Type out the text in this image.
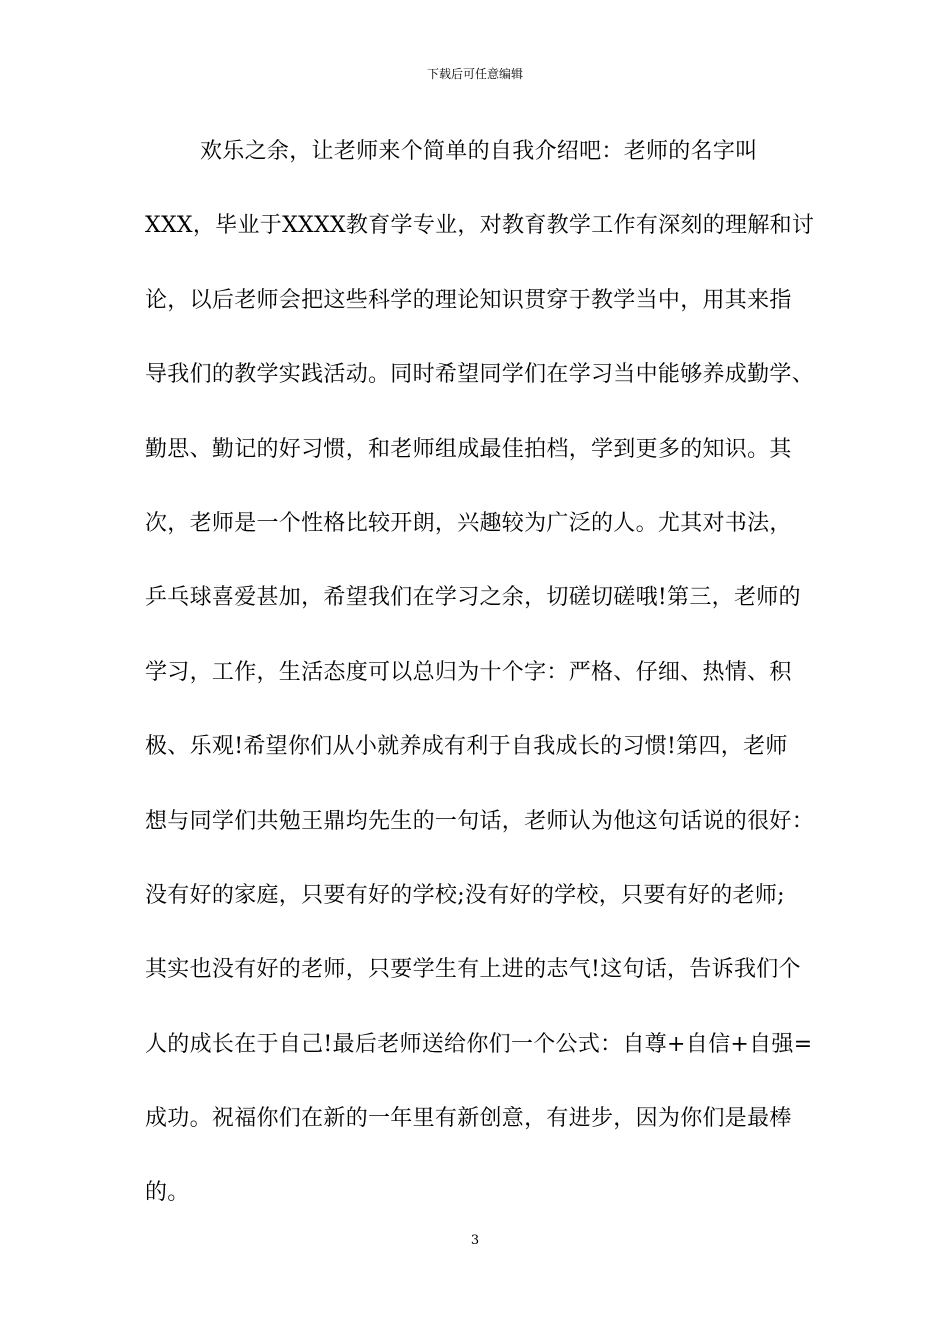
下载后可任意编辑
欢乐之余，让老师来个简单的自我介绍吧：老师的名字叫
XXX，毕业于XXXX教育学专业，对教育教学工作有深刻的理解和讨
论，以后老师会把这些科学的理论知识贯穿于教学当中，用其来指
导我们的教学实践活动。同时希望同学们在学习当中能够养成勤学、
勤思、勤记的好习惯，和老师组成最佳拍档，学到更多的知识。其
次，老师是一个性格比较开朗，兴趣较为广泛的人。尤其对书法，
乒乓球喜爱甚加，希望我们在学习之余，切磋切磋哦!第三，老师的
学习，工作，生活态度可以总归为十个字：严格、仔细、热情、积
极、乐观!希望你们从小就养成有利于自我成长的习惯!第四，老师
想与同学们共勉王鼎均先生的一句话，老师认为他这句话说的很好：
没有好的家庭，只要有好的学校;没有好的学校，只要有好的老师;
其实也没有好的老师，只要学生有上进的志气!这句话，告诉我们个
人的成长在于自己!最后老师送给你们一个公式：自尊+自信+自强=
成功。祝福你们在新的一年里有新创意，有进步，因为你们是最棒
的。
3
